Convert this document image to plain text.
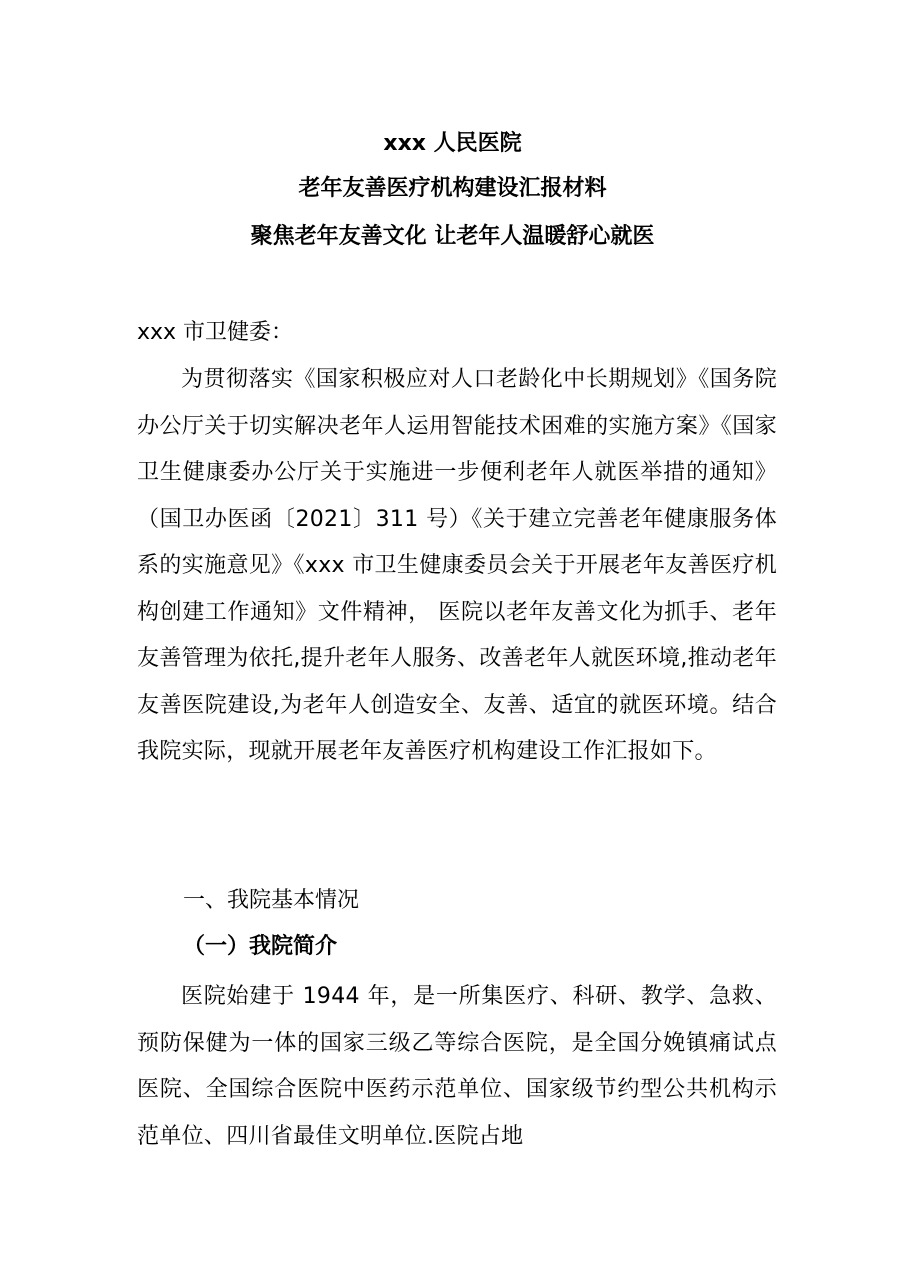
xxx 人民医院
老年友善医疗机构建设汇报材料
聚焦老年友善文化 让老年人温暖舒心就医
xxx 市卫健委：

为贯彻落实《国家积极应对人口老龄化中长期规划》《国务院办公厅关于切实解决老年人运用智能技术困难的实施方案》《国家卫生健康委办公厅关于实施进一步便利老年人就医举措的通知》（国卫办医函〔2021〕311 号）《关于建立完善老年健康服务体系的实施意见》《xxx 市卫生健康委员会关于开展老年友善医疗机构创建工作通知》文件精神， 医院以老年友善文化为抓手、老年友善管理为依托,提升老年人服务、改善老年人就医环境,推动老年友善医院建设,为老年人创造安全、友善、适宜的就医环境。结合我院实际，现就开展老年友善医疗机构建设工作汇报如下。

一、我院基本情况
（一）我院简介

医院始建于 1944 年，是一所集医疗、科研、教学、急救、预防保健为一体的国家三级乙等综合医院，是全国分娩镇痛试点医院、全国综合医院中医药示范单位、国家级节约型公共机构示范单位、四川省最佳文明单位.医院占地
